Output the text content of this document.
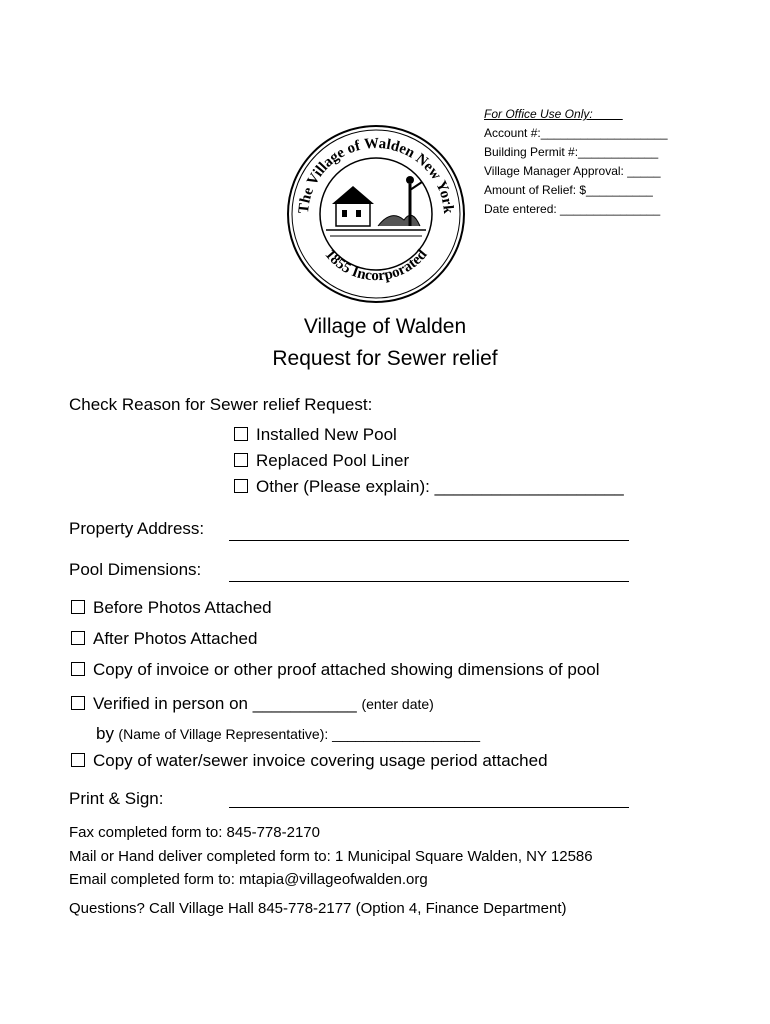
For Office Use Only: ____
Account #:___________________
Building Permit #:____________
Village Manager Approval: _____
Amount of Relief: $__________
Date entered: _______________
The Village of Walden New York
1855 Incorporated
Village of Walden
Request for Sewer relief
Check Reason for Sewer relief Request:
Installed New Pool
Replaced Pool Liner
Other (Please explain): ____________________
Property Address:
Pool Dimensions:
Before Photos Attached
After Photos Attached
Copy of invoice or other proof attached showing dimensions of pool
Verified in person on ___________ (enter date)
by (Name of Village Representative): ___________________
Copy of water/sewer invoice covering usage period attached
Print & Sign:
Fax completed form to: 845-778-2170
Mail or Hand deliver completed form to: 1 Municipal Square Walden, NY 12586
Email completed form to: mtapia@villageofwalden.org
Questions? Call Village Hall 845-778-2177 (Option 4, Finance Department)
